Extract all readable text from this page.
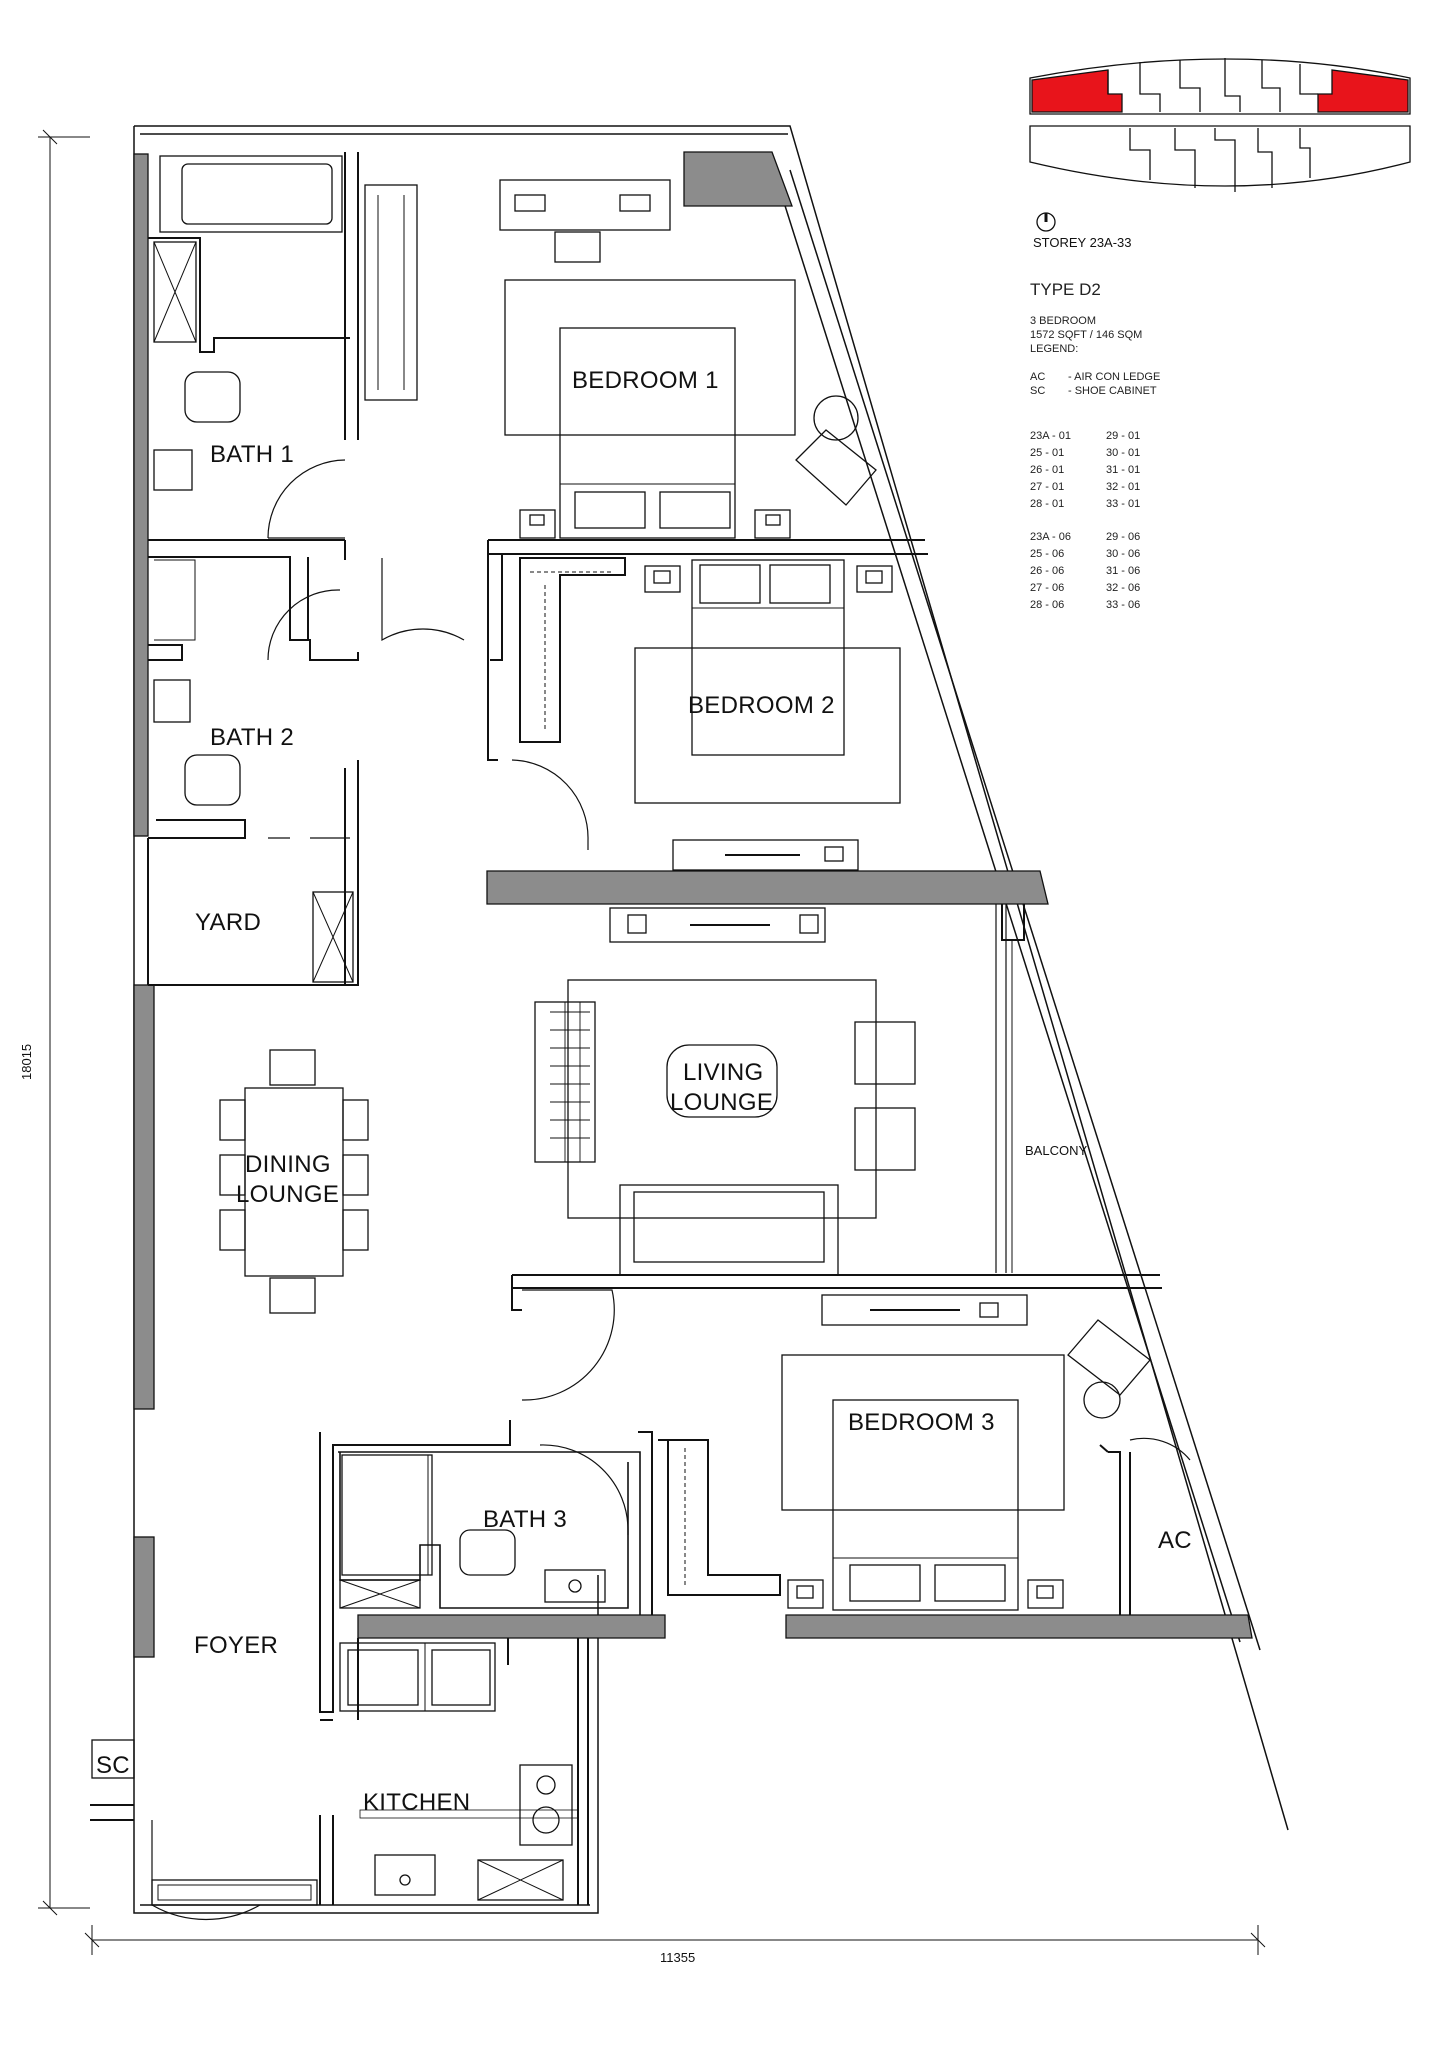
STOREY 23A-33
18015
11355
BEDROOM 1
BEDROOM 2
BEDROOM 3
BATH 1
BATH 2
BATH 3
YARD
LIVING
LOUNGE
DINING
LOUNGE
BALCONY
FOYER
KITCHEN
AC
SC
TYPE D2
3 BEDROOM
1572 SQFT / 146 SQM
LEGEND:
AC	- AIR CON LEDGE
SC	- SHOE CABINET
23A - 01	29 - 01
25 - 01	30 - 01
26 - 01	31 - 01
27 - 01	32 - 01
28 - 01	33 - 01
23A - 06	29 - 06
25 - 06	30 - 06
26 - 06	31 - 06
27 - 06	32 - 06
28 - 06	33 - 06
